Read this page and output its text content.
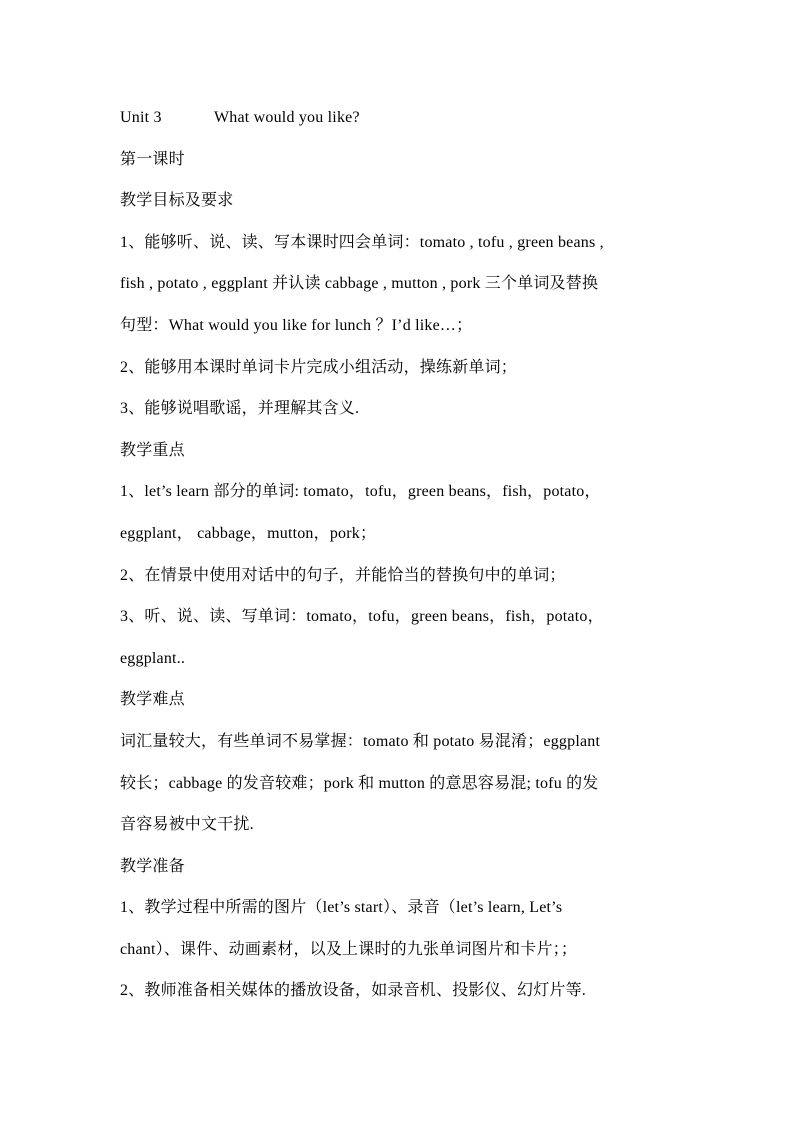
Unit 3	What would you like?
第一课时
教学目标及要求
1、能够听、说、读、写本课时四会单词：tomato , tofu , green beans ,
fish , potato , eggplant 并认读 cabbage , mutton , pork 三个单词及替换
句型：What would you like for lunch ？I’d like…；
2、能够用本课时单词卡片完成小组活动，操练新单词；
3、能够说唱歌谣，并理解其含义.
教学重点
1、let’s learn 部分的单词: tomato，tofu，green beans，fish，potato，
eggplant， cabbage，mutton，pork；
2、在情景中使用对话中的句子，并能恰当的替换句中的单词；
3、听、说、读、写单词：tomato，tofu，green beans，fish，potato，
eggplant..
教学难点
词汇量较大，有些单词不易掌握：tomato 和 potato 易混淆；eggplant
较长；cabbage 的发音较难；pork 和 mutton 的意思容易混; tofu 的发
音容易被中文干扰.
教学准备
1、教学过程中所需的图片（let’s start）、录音（let’s learn, Let’s
chant）、课件、动画素材，以及上课时的九张单词图片和卡片；；
2、教师准备相关媒体的播放设备，如录音机、投影仪、幻灯片等.
